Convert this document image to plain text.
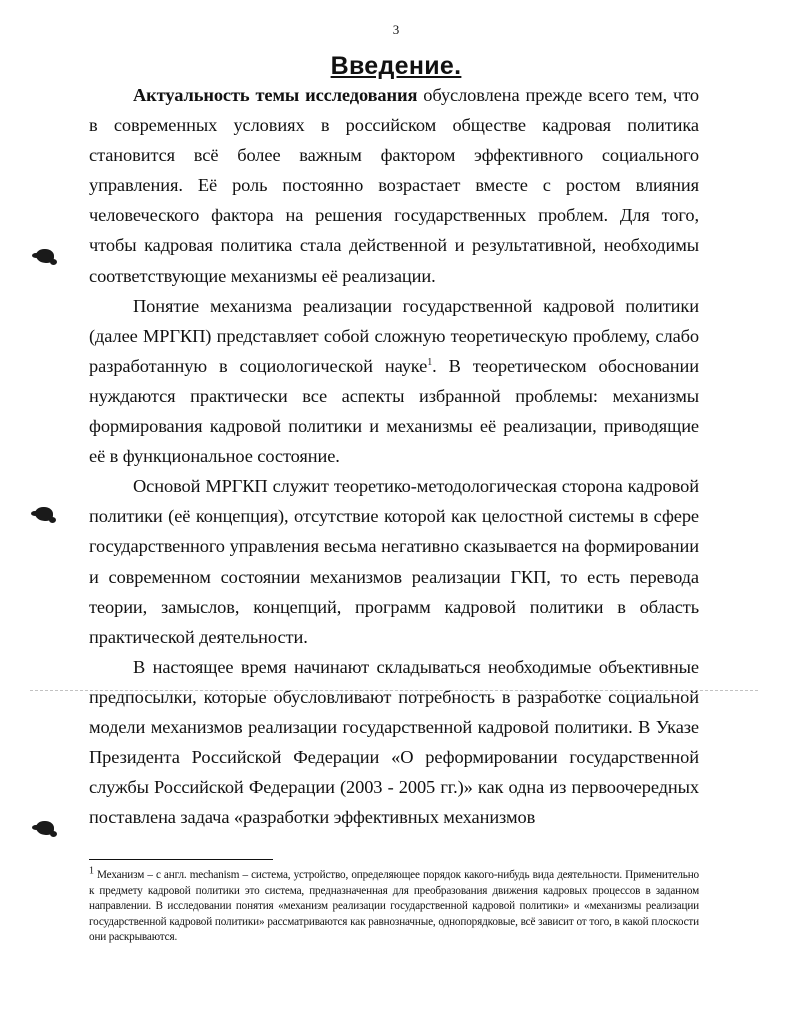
3
Введение.

Актуальность темы исследования обусловлена прежде всего тем, что в современных условиях в российском обществе кадровая политика становится всё более важным фактором эффективного социального управления. Её роль постоянно возрастает вместе с ростом влияния человеческого фактора на решения государственных проблем. Для того, чтобы кадровая политика стала действенной и результативной, необходимы соответствующие механизмы её реализации.

Понятие механизма реализации государственной кадровой политики (далее МРГКП) представляет собой сложную теоретическую проблему, слабо разработанную в социологической науке$^1$. В теоретическом обосновании нуждаются практически все аспекты избранной проблемы: механизмы формирования кадровой политики и механизмы её реализации, приводящие её в функциональное состояние.

Основой МРГКП служит теоретико-методологическая сторона кадровой политики (её концепция), отсутствие которой как целостной системы в сфере государственного управления весьма негативно сказывается на формировании и современном состоянии механизмов реализации ГКП, то есть перевода теории, замыслов, концепций, программ кадровой политики в область практической деятельности.

В настоящее время начинают складываться необходимые объективные предпосылки, которые обусловливают потребность в разработке социальной модели механизмов реализации государственной кадровой политики. В Указе Президента Российской Федерации «О реформировании государственной службы Российской Федерации (2003 - 2005 гг.)» как одна из первоочередных поставлена задача «разработки эффективных механизмов

$^1$ Механизм – с англ. mechanism – система, устройство, определяющее порядок какого-нибудь вида деятельности. Применительно к предмету кадровой политики это система, предназначенная для преобразования движения кадровых процессов в заданном направлении. В исследовании понятия «механизм реализации государственной кадровой политики» и «механизмы реализации государственной кадровой политики» рассматриваются как равнозначные, однопорядковые, всё зависит от того, в какой плоскости они раскрываются.
